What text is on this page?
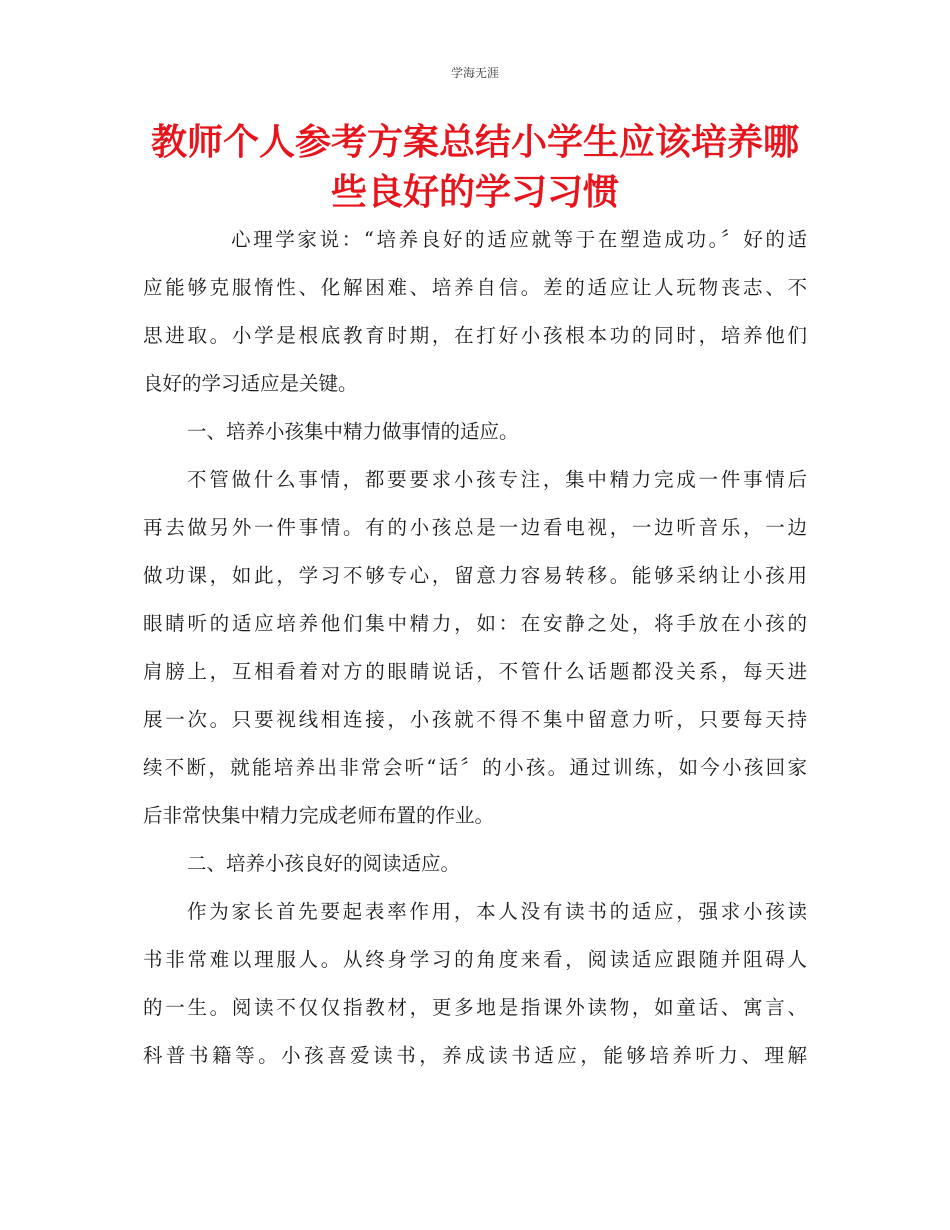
学海无涯
教师个人参考方案总结小学生应该培养哪
些良好的学习习惯
心理学家说：“培养良好的适应就等于在塑造成功。〞好的适
应能够克服惰性、化解困难、培养自信。差的适应让人玩物丧志、不
思进取。小学是根底教育时期，在打好小孩根本功的同时，培养他们
良好的学习适应是关键。
一、培养小孩集中精力做事情的适应。
不管做什么事情，都要要求小孩专注，集中精力完成一件事情后
再去做另外一件事情。有的小孩总是一边看电视，一边听音乐，一边
做功课，如此，学习不够专心，留意力容易转移。能够采纳让小孩用
眼睛听的适应培养他们集中精力，如：在安静之处，将手放在小孩的
肩膀上，互相看着对方的眼睛说话，不管什么话题都没关系，每天进
展一次。只要视线相连接，小孩就不得不集中留意力听，只要每天持
续不断，就能培养出非常会听“话〞的小孩。通过训练，如今小孩回家
后非常快集中精力完成老师布置的作业。
二、培养小孩良好的阅读适应。
作为家长首先要起表率作用，本人没有读书的适应，强求小孩读
书非常难以理服人。从终身学习的角度来看，阅读适应跟随并阻碍人
的一生。阅读不仅仅指教材，更多地是指课外读物，如童话、寓言、
科普书籍等。小孩喜爱读书，养成读书适应，能够培养听力、理解
